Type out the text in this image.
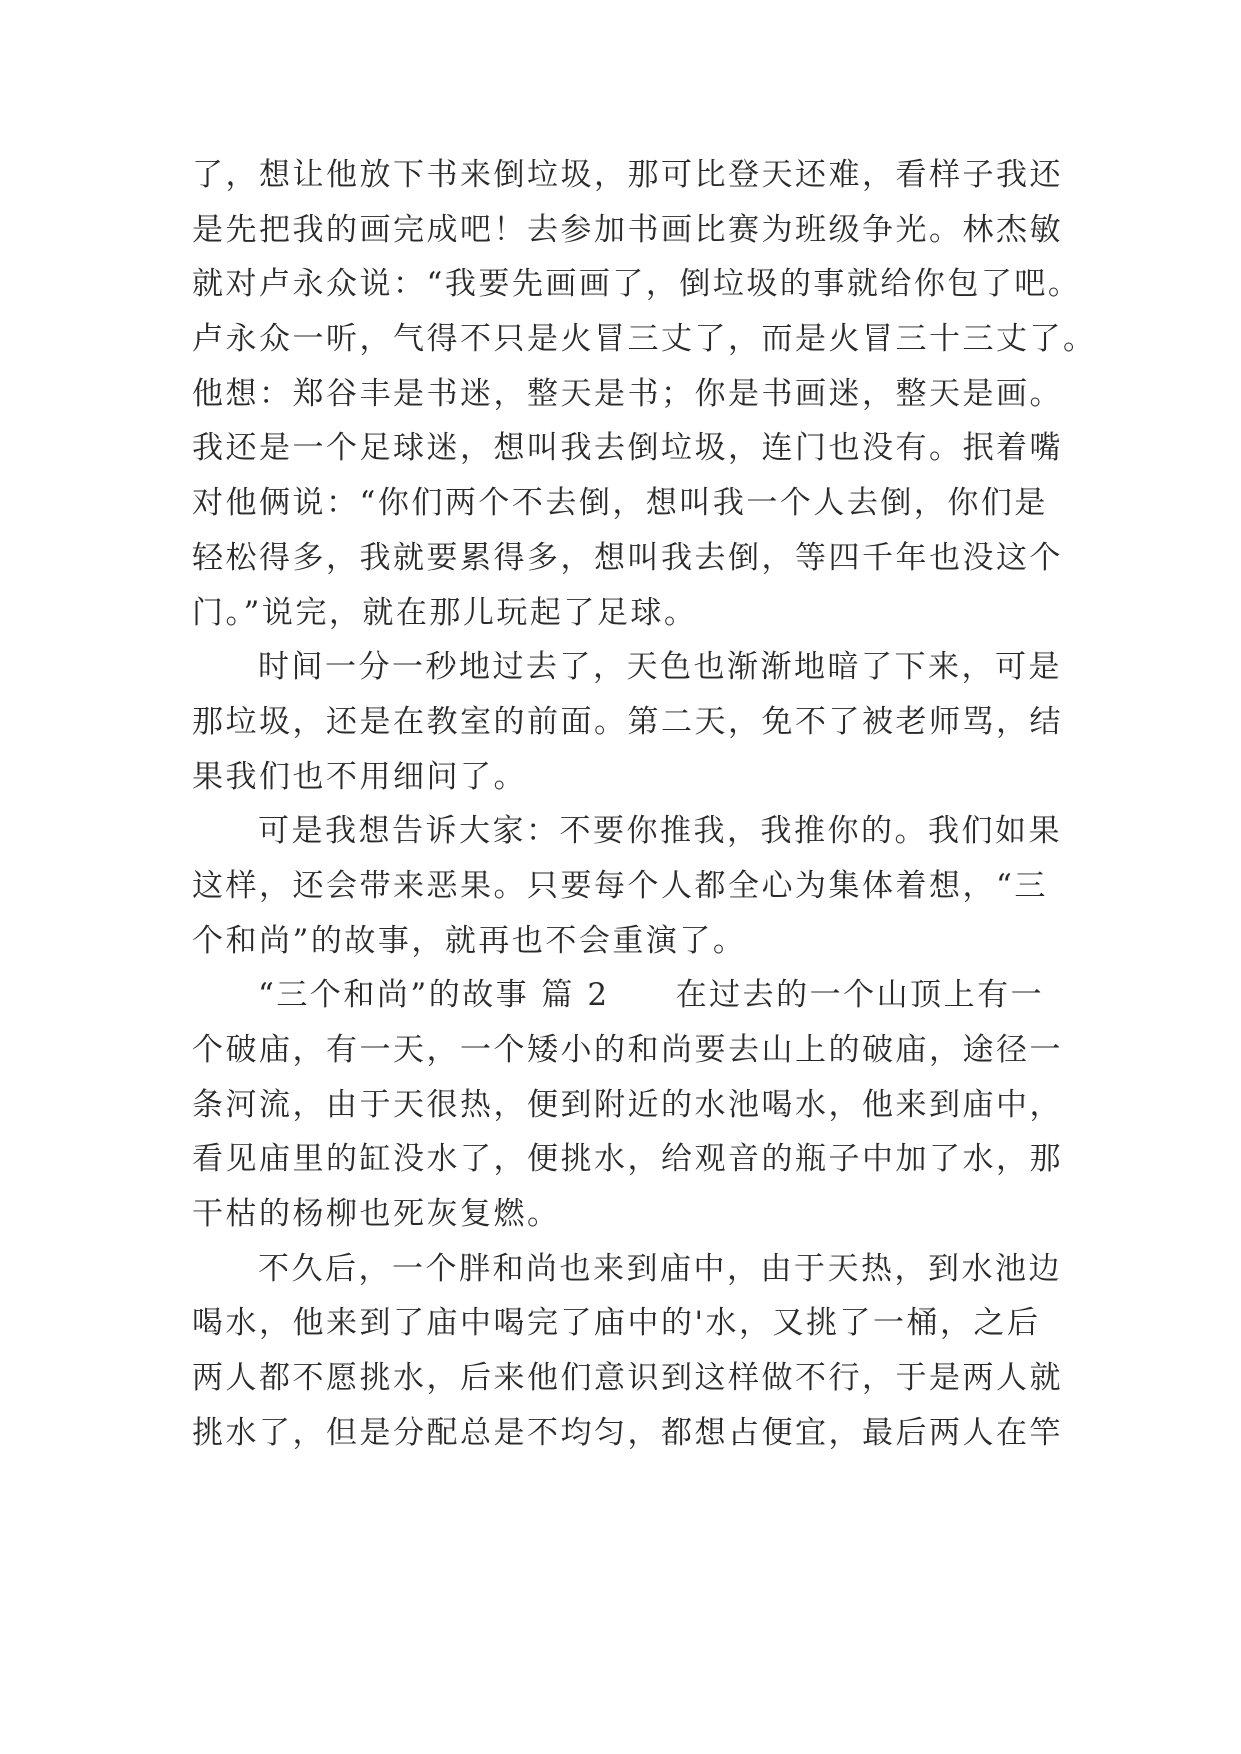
了，想让他放下书来倒垃圾，那可比登天还难，看样子我还
是先把我的画完成吧！去参加书画比赛为班级争光。林杰敏
就对卢永众说：“我要先画画了，倒垃圾的事就给你包了吧。
卢永众一听，气得不只是火冒三丈了，而是火冒三十三丈了。
他想：郑谷丰是书迷，整天是书；你是书画迷，整天是画。
我还是一个足球迷，想叫我去倒垃圾，连门也没有。抿着嘴
对他俩说：“你们两个不去倒，想叫我一个人去倒，你们是
轻松得多，我就要累得多，想叫我去倒，等四千年也没这个
门。”说完，就在那儿玩起了足球。
时间一分一秒地过去了，天色也渐渐地暗了下来，可是
那垃圾，还是在教室的前面。第二天，免不了被老师骂，结
果我们也不用细问了。
可是我想告诉大家：不要你推我，我推你的。我们如果
这样，还会带来恶果。只要每个人都全心为集体着想，“三
个和尚”的故事，就再也不会重演了。
“三个和尚”的故事 篇 2 在过去的一个山顶上有一
个破庙，有一天，一个矮小的和尚要去山上的破庙，途径一
条河流，由于天很热，便到附近的水池喝水，他来到庙中，
看见庙里的缸没水了，便挑水，给观音的瓶子中加了水，那
干枯的杨柳也死灰复燃。
不久后，一个胖和尚也来到庙中，由于天热，到水池边
喝水，他来到了庙中喝完了庙中的'水，又挑了一桶，之后
两人都不愿挑水，后来他们意识到这样做不行，于是两人就
挑水了，但是分配总是不均匀，都想占便宜，最后两人在竿
